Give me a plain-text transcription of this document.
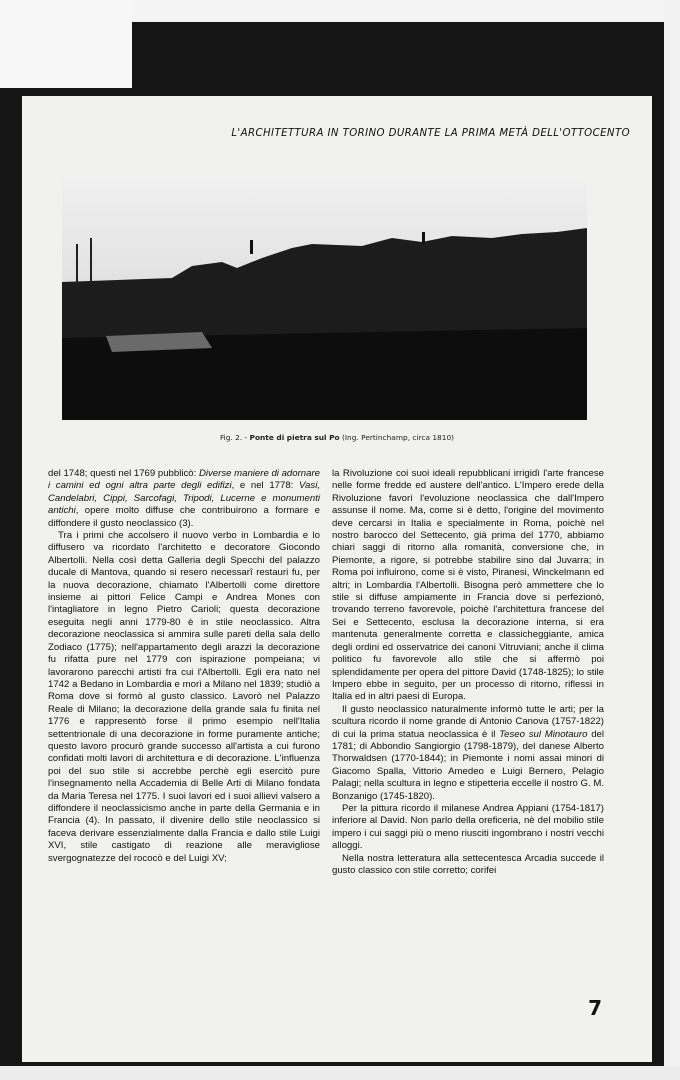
L'ARCHITETTURA IN TORINO DURANTE LA PRIMA METÀ DELL'OTTOCENTO
Fig. 2. - Ponte di pietra sul Po (Ing. Pertinchamp, circa 1810)

del 1748; questi nel 1769 pubblicò: Diverse maniere di adornare i camini ed ogni altra parte degli edifizi, e nel 1778: Vasi, Candelabri, Cippi, Sarcofagi, Tripodi, Lucerne e monumenti antichi, opere molto diffuse che contribuirono a formare e diffondere il gusto neoclassico (3).

Tra i primi che accolsero il nuovo verbo in Lombardia e lo diffusero va ricordato l'architetto e decoratore Giocondo Albertolli. Nella così detta Galleria degli Specchi del palazzo ducale di Mantova, quando si resero necessarî restauri fu, per la nuova decorazione, chiamato l'Albertolli come direttore insieme ai pittori Felice Campi e Andrea Mones con l'intagliatore in legno Pietro Carioli; questa decorazione eseguita negli anni 1779-80 è in stile neoclassico. Altra decorazione neoclassica si ammira sulle pareti della sala dello Zodiaco (1775); nell'appartamento degli arazzi la decorazione fu rifatta pure nel 1779 con ispirazione pompeiana; vi lavorarono parecchi artisti fra cui l'Albertolli. Egli era nato nel 1742 a Bedano in Lombardia e morì a Milano nel 1839; studiò a Roma dove si formò al gusto classico. Lavorò nel Palazzo Reale di Milano; la decorazione della grande sala fu finita nel 1776 e rappresentò forse il primo esempio nell'Italia settentrionale di una decorazione in forme puramente antiche; questo lavoro procurò grande successo all'artista a cui furono confidati molti lavori di architettura e di decorazione. L'influenza poi del suo stile si accrebbe perchè egli esercitò pure l'insegnamento nella Accademia di Belle Arti di Milano fondata da Maria Teresa nel 1775. I suoi lavori ed i suoi allievi valsero a diffondere il neoclassicismo anche in parte della Germania e in Francia (4). In passato, il divenire dello stile neoclassico si faceva derivare essenzialmente dalla Francia e dallo stile Luigi XVI, stile castigato di reazione alle meravigliose svergognatezze del rococò e del Luigi XV;

la Rivoluzione coi suoi ideali repubblicani irrigidì l'arte francese nelle forme fredde ed austere dell'antico. L'Impero erede della Rivoluzione favorì l'evoluzione neoclassica che dall'Impero assunse il nome. Ma, come si è detto, l'origine del movimento deve cercarsi in Italia e specialmente in Roma, poichè nel nostro barocco del Settecento, già prima del 1770, abbiamo chiari saggi di ritorno alla romanità, conversione che, in Piemonte, a rigore, si potrebbe stabilire sino dal Juvarra; in Roma poi influirono, come si è visto, Piranesi, Winckelmann ed altri; in Lombardia l'Albertolli. Bisogna però ammettere che lo stile si diffuse ampiamente in Francia dove si perfezionò, trovando terreno favorevole, poichè l'architettura francese del Sei e Settecento, esclusa la decorazione interna, si era mantenuta generalmente corretta e classicheggiante, amica degli ordini ed osservatrice dei canoni Vitruviani; anche il clima politico fu favorevole allo stile che si affermò poi splendidamente per opera del pittore David (1748-1825); lo stile Impero ebbe in seguito, per un processo di ritorno, riflessi in Italia ed in altri paesi di Europa.

Il gusto neoclassico naturalmente informò tutte le arti; per la scultura ricordo il nome grande di Antonio Canova (1757-1822) di cui la prima statua neoclassica è il Teseo sul Minotauro del 1781; di Abbondio Sangiorgio (1798-1879), del danese Alberto Thorwaldsen (1770-1844); in Piemonte i nomi assai minori di Giacomo Spalla, Vittorio Amedeo e Luigi Bernero, Pelagio Palagi; nella scultura in legno e stipetteria eccelle il nostro G. M. Bonzanigo (1745-1820).

Per la pittura ricordo il milanese Andrea Appiani (1754-1817) inferiore al David. Non parlo della oreficeria, nè del mobilio stile impero i cui saggi più o meno riusciti ingombrano i nostri vecchi alloggi.

Nella nostra letteratura alla settecentesca Arcadia succede il gusto classico con stile corretto; corifei

7
